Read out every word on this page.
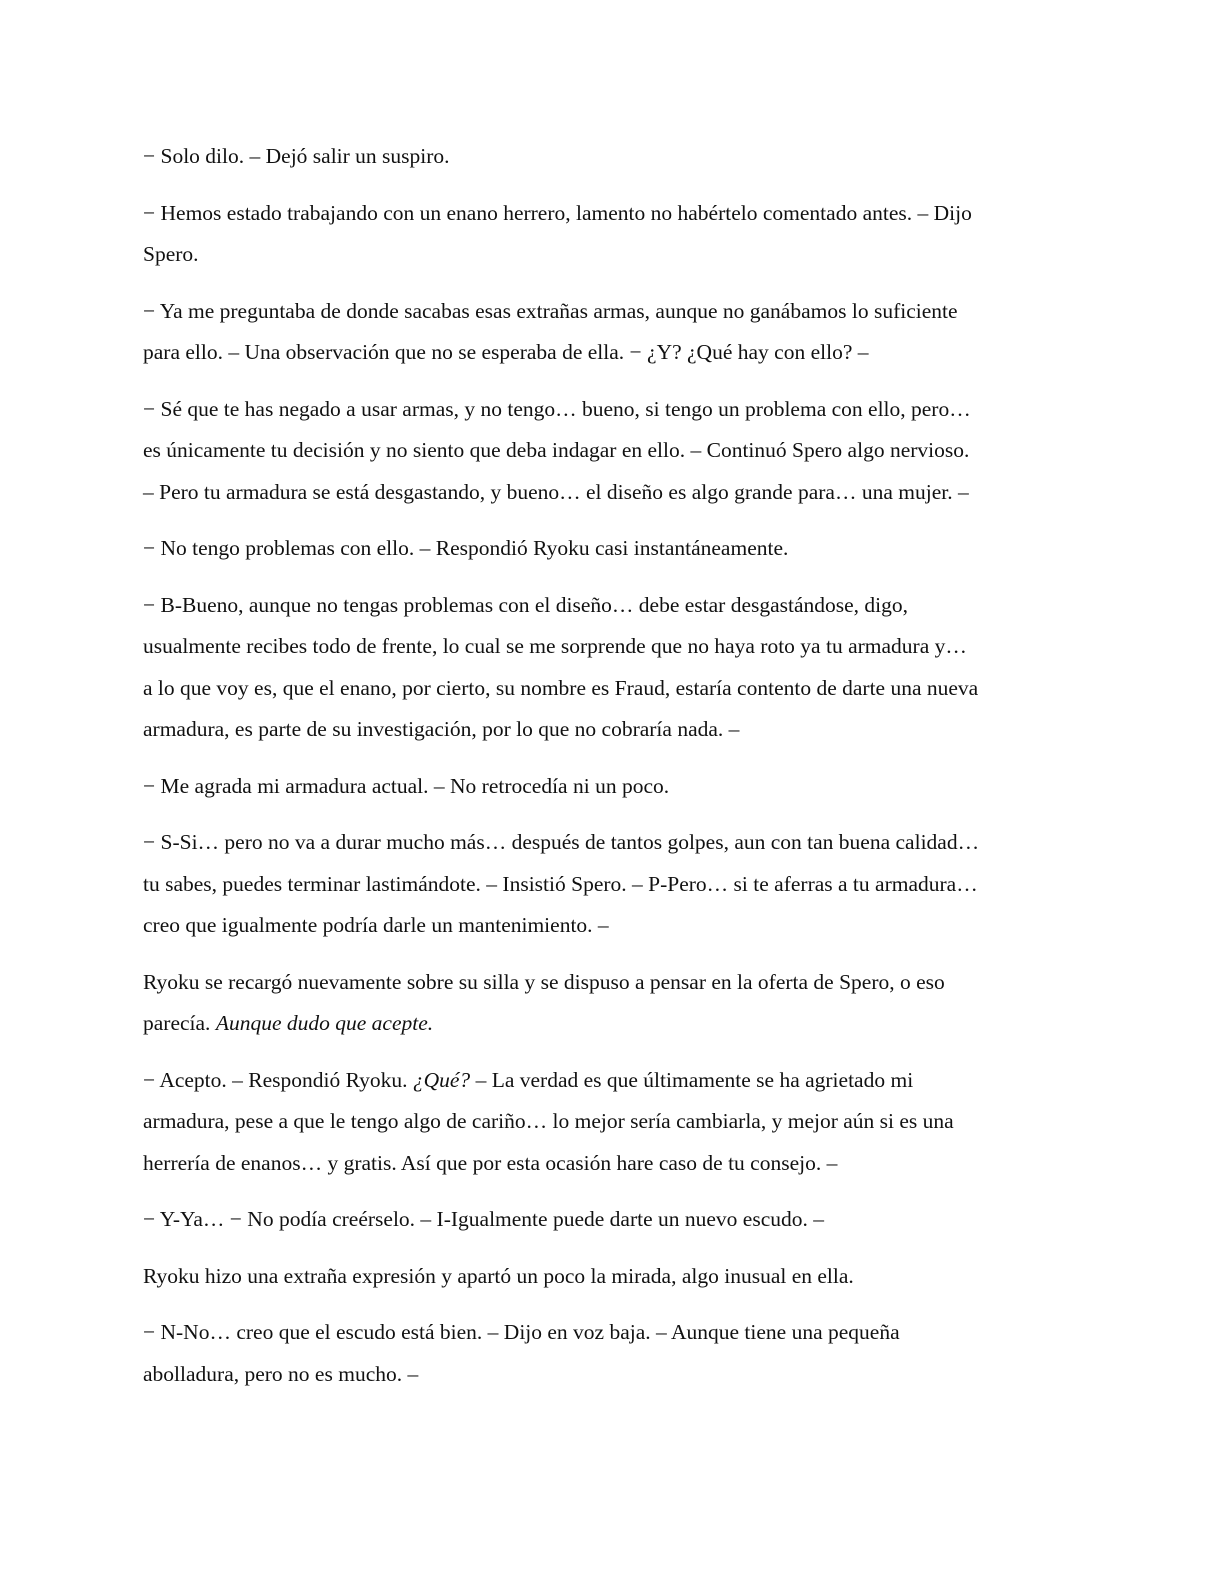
− Solo dilo. – Dejó salir un suspiro.

− Hemos estado trabajando con un enano herrero, lamento no habértelo comentado antes. – Dijo
Spero.

− Ya me preguntaba de donde sacabas esas extrañas armas, aunque no ganábamos lo suficiente
para ello. – Una observación que no se esperaba de ella. − ¿Y? ¿Qué hay con ello? –

− Sé que te has negado a usar armas, y no tengo… bueno, si tengo un problema con ello, pero…
es únicamente tu decisión y no siento que deba indagar en ello. – Continuó Spero algo nervioso.
– Pero tu armadura se está desgastando, y bueno… el diseño es algo grande para… una mujer. –

− No tengo problemas con ello. – Respondió Ryoku casi instantáneamente.

− B-Bueno, aunque no tengas problemas con el diseño… debe estar desgastándose, digo,
usualmente recibes todo de frente, lo cual se me sorprende que no haya roto ya tu armadura y…
a lo que voy es, que el enano, por cierto, su nombre es Fraud, estaría contento de darte una nueva
armadura, es parte de su investigación, por lo que no cobraría nada. –

− Me agrada mi armadura actual. – No retrocedía ni un poco.

− S-Si… pero no va a durar mucho más… después de tantos golpes, aun con tan buena calidad…
tu sabes, puedes terminar lastimándote. – Insistió Spero. – P-Pero… si te aferras a tu armadura…
creo que igualmente podría darle un mantenimiento. –

Ryoku se recargó nuevamente sobre su silla y se dispuso a pensar en la oferta de Spero, o eso
parecía. Aunque dudo que acepte.

− Acepto. – Respondió Ryoku. ¿Qué? – La verdad es que últimamente se ha agrietado mi
armadura, pese a que le tengo algo de cariño… lo mejor sería cambiarla, y mejor aún si es una
herrería de enanos… y gratis. Así que por esta ocasión hare caso de tu consejo. –

− Y-Ya… − No podía creérselo. – I-Igualmente puede darte un nuevo escudo. –

Ryoku hizo una extraña expresión y apartó un poco la mirada, algo inusual en ella.

− N-No… creo que el escudo está bien. – Dijo en voz baja. – Aunque tiene una pequeña
abolladura, pero no es mucho. –
